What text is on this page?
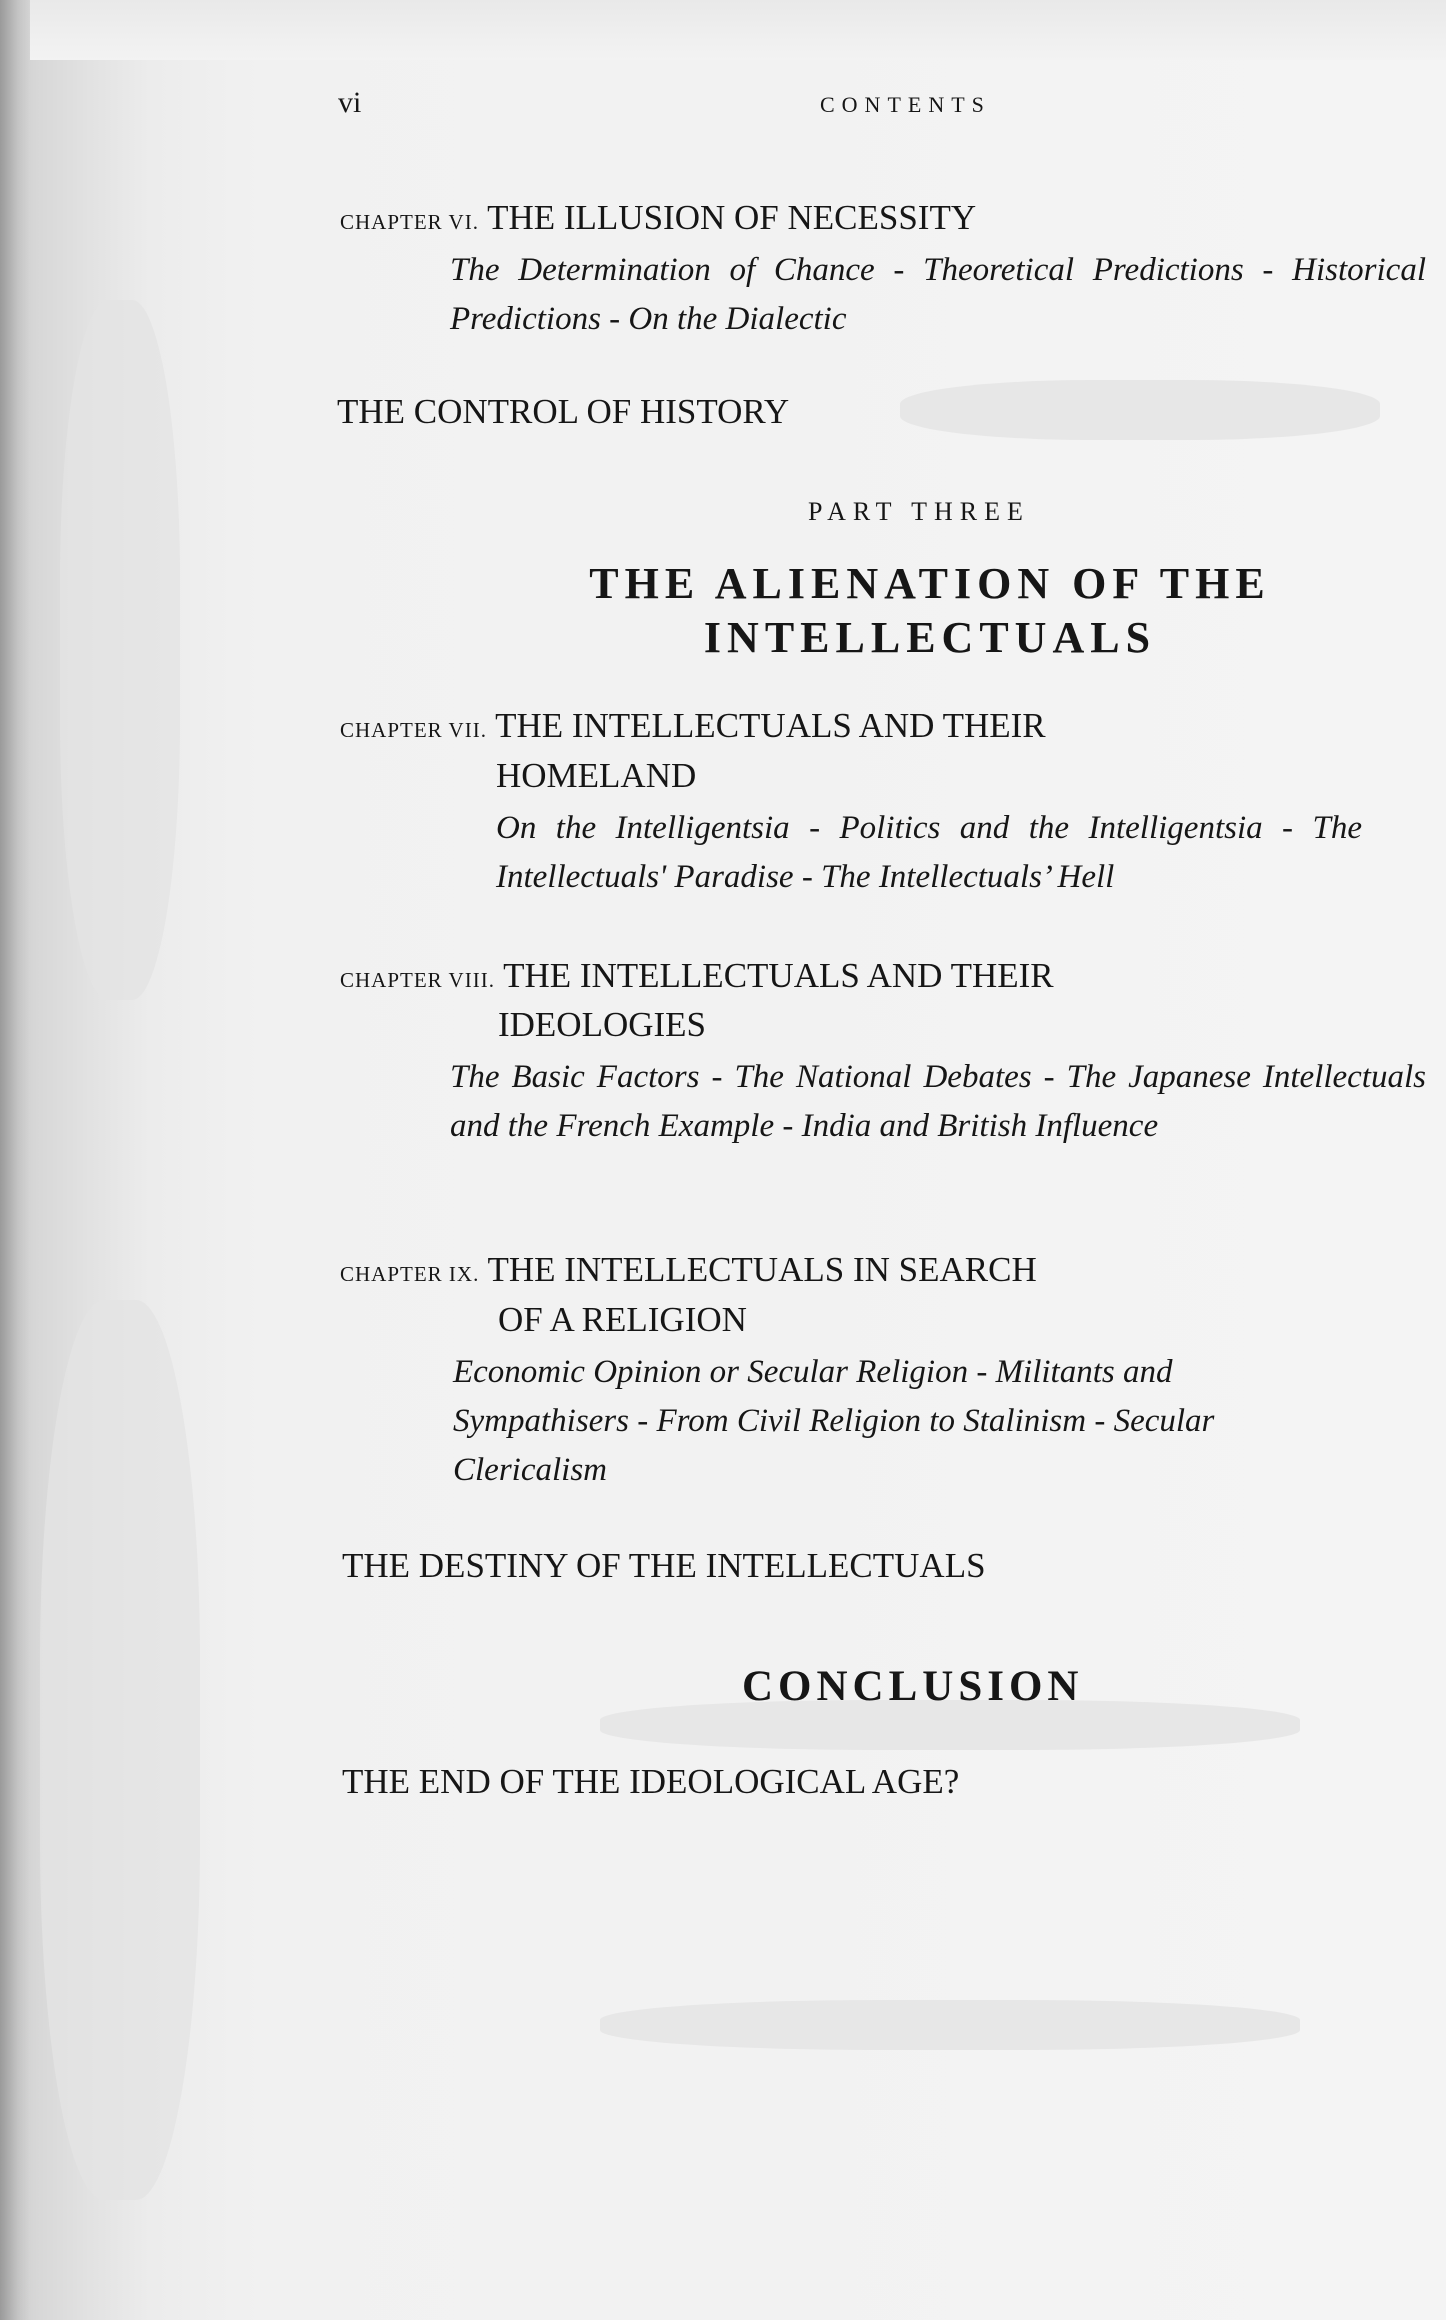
vi	CONTENTS
CHAPTER VI. THE ILLUSION OF NECESSITY
The Determination of Chance - Theoretical Predictions - Historical Predictions - On the Dialectic
THE CONTROL OF HISTORY
PART THREE
THE ALIENATION OF THE INTELLECTUALS
CHAPTER VII. THE INTELLECTUALS AND THEIR
HOMELAND
On the Intelligentsia - Politics and the Intelligentsia - The Intellectuals' Paradise - The Intellectuals’ Hell
CHAPTER VIII. THE INTELLECTUALS AND THEIR
IDEOLOGIES
The Basic Factors - The National Debates - The Japanese Intellectuals and the French Example - India and British Influence
CHAPTER IX. THE INTELLECTUALS IN SEARCH
OF A RELIGION
Economic Opinion or Secular Religion - Militants and Sympathisers - From Civil Religion to Stalinism - Secular Clericalism
THE DESTINY OF THE INTELLECTUALS
CONCLUSION
THE END OF THE IDEOLOGICAL AGE?
